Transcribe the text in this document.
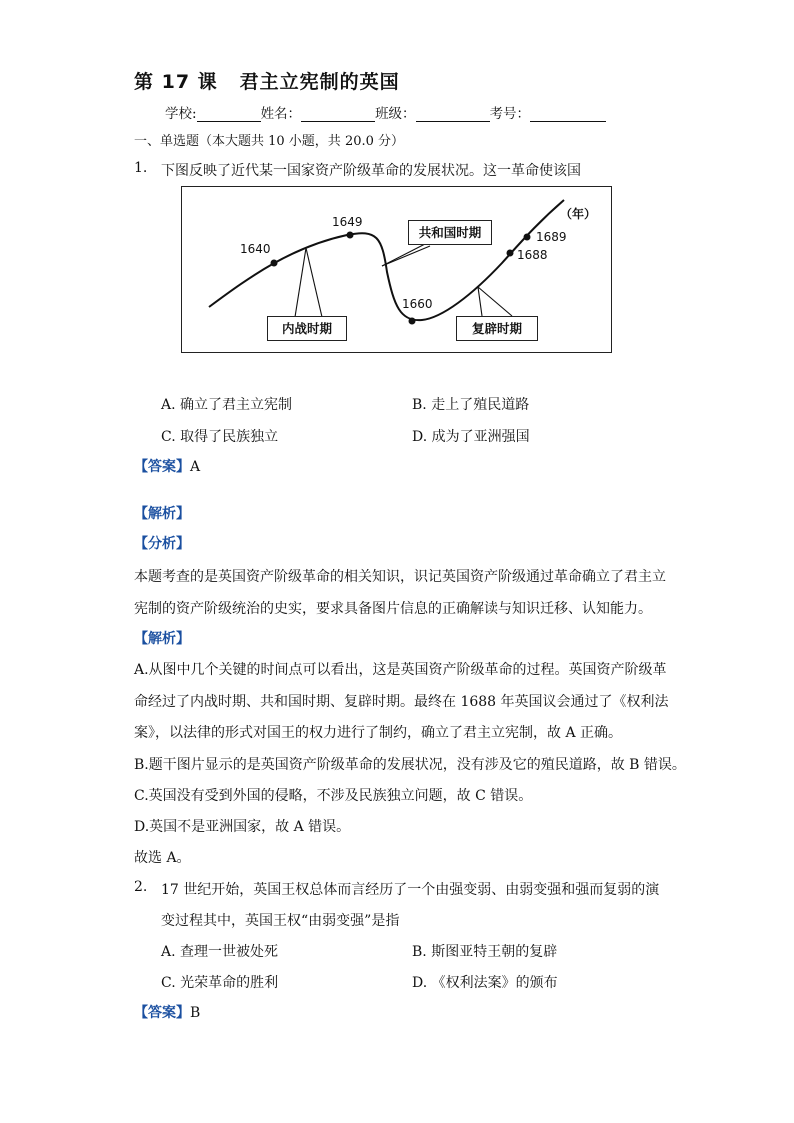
第 17 课 君主立宪制的英国
学校:	姓名：	班级：	考号：
一、单选题（本大题共 10 小题，共 20.0 分）
1. 下图反映了近代某一国家资产阶级革命的发展状况。这一革命使该国
1640
1649
1660
1688
1689
（年）
共和国时期
内战时期	复辟时期
A. 确立了君主立宪制	B. 走上了殖民道路
C. 取得了民族独立	D. 成为了亚洲强国
【答案】A
【解析】
【分析】
本题考查的是英国资产阶级革命的相关知识，识记英国资产阶级通过革命确立了君主立
宪制的资产阶级统治的史实，要求具备图片信息的正确解读与知识迁移、认知能力。
【解析】
A.从图中几个关键的时间点可以看出，这是英国资产阶级革命的过程。英国资产阶级革
命经过了内战时期、共和国时期、复辟时期。最终在 1688 年英国议会通过了《权利法
案》，以法律的形式对国王的权力进行了制约，确立了君主立宪制，故 A 正确。
B.题干图片显示的是英国资产阶级革命的发展状况，没有涉及它的殖民道路，故 B 错误。
C.英国没有受到外国的侵略，不涉及民族独立问题，故 C 错误。
D.英国不是亚洲国家，故 A 错误。
故选 A。
2. 17 世纪开始，英国王权总体而言经历了一个由强变弱、由弱变强和强而复弱的演
变过程其中，英国王权“由弱变强”是指
A. 查理一世被处死	B. 斯图亚特王朝的复辟
C. 光荣革命的胜利	D. 《权利法案》的颁布
【答案】B
